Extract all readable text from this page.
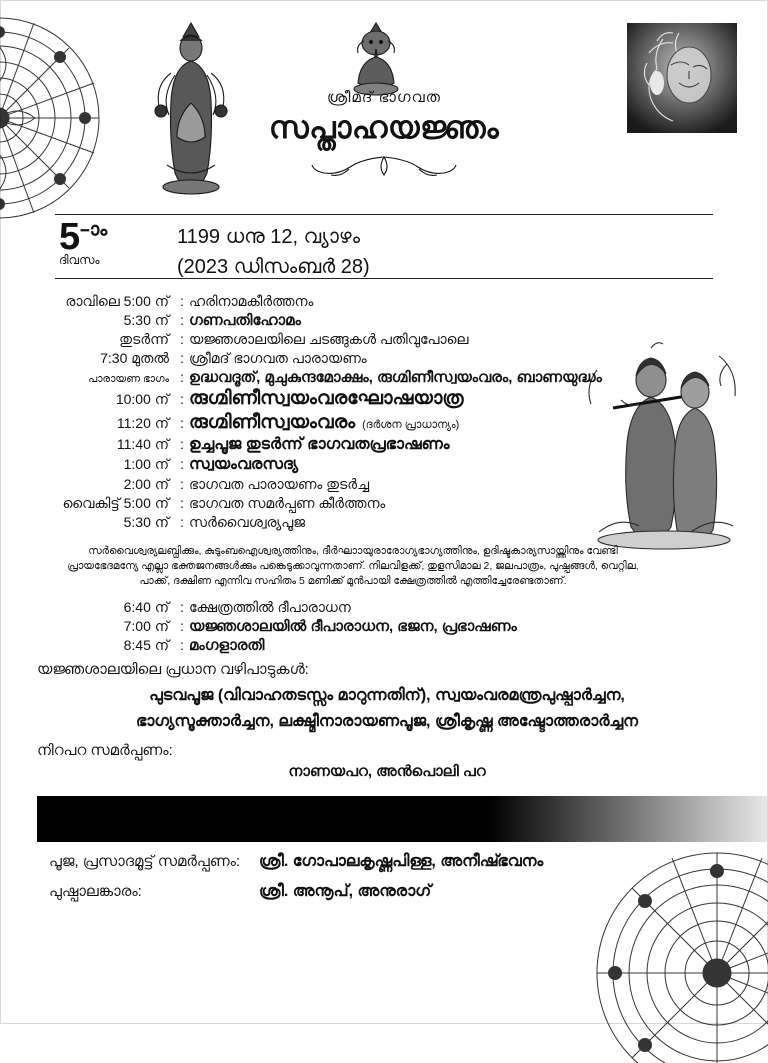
ശ്രീമദ് ഭാഗവത
സപ്താഹയജ്ഞം
5–ാം
ദിവസം
1199 ധനു 12, വ്യാഴം
(2023 ഡിസംബർ 28)
രാവിലെ 5:00 ന് : ഹരിനാമകീർത്തനം
5:30 ന് : ഗണപതിഹോമം
തുടർന്ന് : യജ്ഞശാലയിലെ ചടങ്ങുകൾ പതിവുപോലെ
7:30 മുതൽ : ശ്രീമദ് ഭാഗവത പാരായണം
പാരായണ ഭാഗം : ഉദ്ധവദൂത്, മുചുകുന്ദമോക്ഷം, രുഗ്മിണീസ്വയംവരം, ബാണയുദ്ധം
10:00 ന് : രുഗ്മിണീസ്വയംവരഘോഷയാത്ര
11:20 ന് : രുഗ്മിണീസ്വയംവരം (ദർശന പ്രാധാന്യം)
11:40 ന് : ഉച്ചപൂജ തുടർന്ന് ഭാഗവതപ്രഭാഷണം
1:00 ന് : സ്വയംവരസദ്യ
2:00 ന് : ഭാഗവത പാരായണം തുടർച്ച
വൈകിട്ട് 5:00 ന് : ഭാഗവത സമർപ്പണ കീർത്തനം
5:30 ന് : സർവൈശ്വര്യപൂജ
സർവൈശ്വര്യലബ്ധിക്കും, കുടുംബഐശ്വര്യത്തിനും, ദീർഘാായുരാരോഗ്യഭാഗ്യത്തിനും, ഉദിഷ്ടകാര്യസായ്ത്തിനും വേണ്ടി പ്രായഭേദമന്യേ എല്ലാ ഭക്തജനങ്ങൾക്കും പങ്കെടുക്കാവുന്നതാണ്. നിലവിളക്ക്, തുളസിമാല 2, ജലപാത്രം, പുഷ്പങ്ങൾ, വെറ്റില, പാക്ക്, ദക്ഷിണ എന്നിവ സഹിതം 5 മണിക്ക് മുൻപായി ക്ഷേത്രത്തിൽ എത്തിച്ചേരേണ്ടതാണ്.
6:40 ന് : ക്ഷേത്രത്തിൽ ദീപാരാധന
7:00 ന് : യജ്ഞശാലയിൽ ദീപാരാധന, ഭജന, പ്രഭാഷണം
8:45 ന് : മംഗളാരതി
യജ്ഞശാലയിലെ പ്രധാന വഴിപാടുകൾ:
പുടവപൂജ (വിവാഹതടസ്സം മാറുന്നതിന്), സ്വയംവരമന്ത്രപുഷ്പാർച്ചന,
ഭാഗ്യസൂക്താർച്ചന, ലക്ഷ്മീനാരായണപൂജ, ശ്രീകൃഷ്ണ അഷ്ടോത്തരാർച്ചന
നിറപറ സമർപ്പണം:
നാണയപറ, അൻപൊലി പറ
പൂജ, പ്രസാദമൂട്ട് സമർപ്പണം:	ശ്രീ. ഗോപാലകൃഷ്ണപിള്ള, അനീഷ്ഭവനം
പുഷ്പാലങ്കാരം:	ശ്രീ. അനൂപ്, അനുരാഗ്
